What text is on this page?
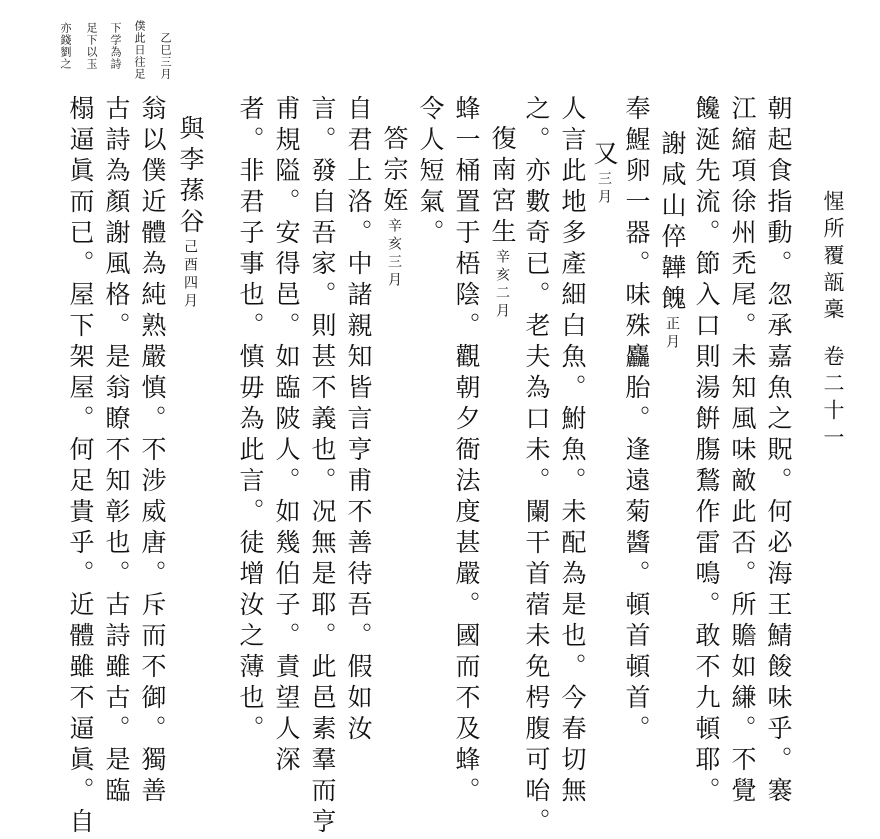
惺所覆瓿稾卷二十一
朝起食指動。忽承嘉魚之貺。何必海王鯖餕味乎。褰
江縮項徐州禿尾。未知風味敵此否。所贍如縑。不覺
饞涎先流。節入口則湯餠膓鶖作雷鳴。敢不九頓耶。
謝咸山倅韡餽正月
奉鯹卵一器。味殊麤胎。逢遠菊醬。頓首頓首。
又三月
人言此地多產細白魚。鮒魚。未配為是也。今春切無
之。亦數奇已。老夫為口未。闌干首蓿未免枵腹可咍。
復南宮生辛亥二月
蜂一桶置于梧陰。觀朝夕衙法度甚嚴。國而不及蜂。
令人短氣。
答宗姪辛亥三月
自君上洛。中諸親知皆言亨甫不善待吾。假如汝
言。發自吾家。則甚不義也。况無是耶。此邑素羣而亨
甫規隘。安得邑。如臨陂人。如幾伯子。責望人深
者。非君子事也。慎毋為此言。徒增汝之薄也。
與李蓀谷己酉四月
翁以僕近體為純熟嚴慎。不涉威唐。斥而不御。獨善
古詩為顏謝風格。是翁瞭不知彰也。古詩雖古。是臨
榻逼眞而已。屋下架屋。何足貴乎。近體雖不逼眞。自
乙巳三月
僕此日往足
下学為詩
足下以玉
亦錢劉之
